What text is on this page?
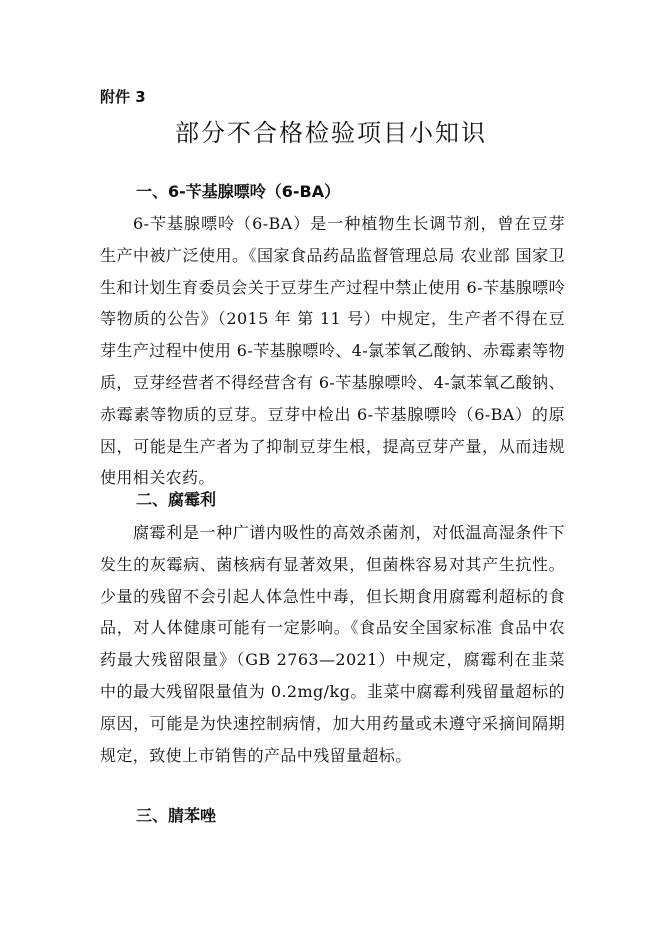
附件 3
部分不合格检验项目小知识
一、6-苄基腺嘌呤（6-BA）

6-苄基腺嘌呤（6-BA）是一种植物生长调节剂，曾在豆芽生产中被广泛使用。《国家食品药品监督管理总局 农业部 国家卫生和计划生育委员会关于豆芽生产过程中禁止使用 6-苄基腺嘌呤等物质的公告》（2015 年 第 11 号）中规定，生产者不得在豆芽生产过程中使用 6-苄基腺嘌呤、4-氯苯氧乙酸钠、赤霉素等物质，豆芽经营者不得经营含有 6-苄基腺嘌呤、4-氯苯氧乙酸钠、赤霉素等物质的豆芽。豆芽中检出 6-苄基腺嘌呤（6-BA）的原因，可能是生产者为了抑制豆芽生根，提高豆芽产量，从而违规使用相关农药。

二、腐霉利

腐霉利是一种广谱内吸性的高效杀菌剂，对低温高湿条件下发生的灰霉病、菌核病有显著效果，但菌株容易对其产生抗性。少量的残留不会引起人体急性中毒，但长期食用腐霉利超标的食品，对人体健康可能有一定影响。《食品安全国家标准 食品中农药最大残留限量》（GB 2763—2021）中规定，腐霉利在韭菜中的最大残留限量值为 0.2mg/kg。韭菜中腐霉利残留量超标的原因，可能是为快速控制病情，加大用药量或未遵守采摘间隔期规定，致使上市销售的产品中残留量超标。

三、腈苯唑
